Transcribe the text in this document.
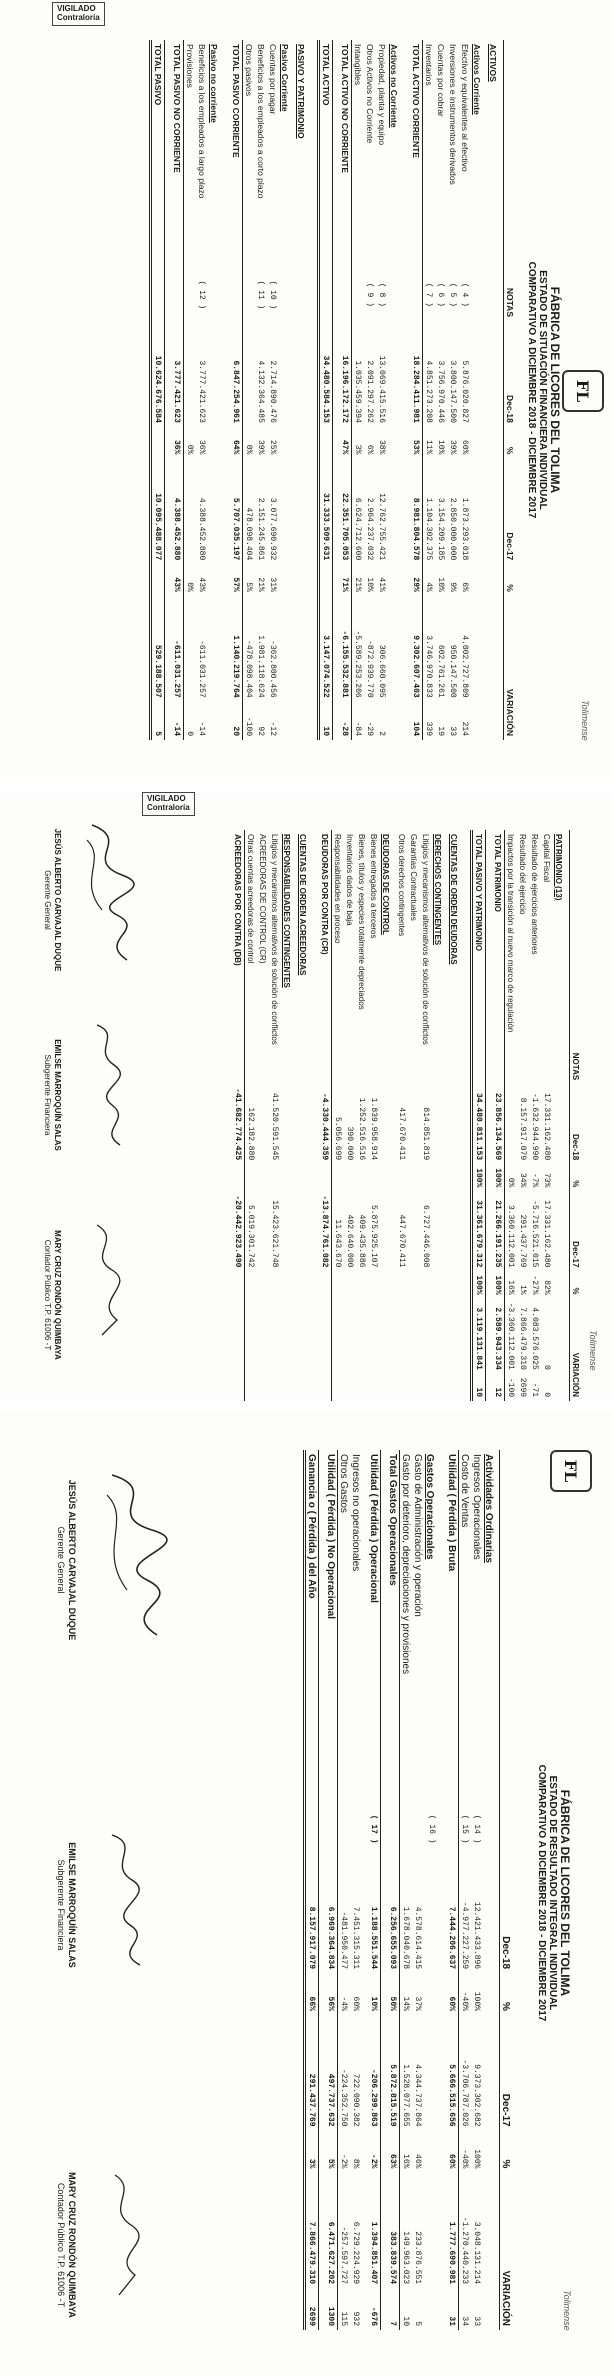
FL
Tolimense
FÁBRICA DE LICORES DEL TOLIMA
ESTADO DE SITUACIÓN FINANCIERA INDIVIDUAL
COMPARATIVO A DICIEMBRE 2018 - DICIEMBRE 2017
VIGILADO
Contraloría
	NOTAS	Dec-18	%	Dec-17	%	VARIACIÓN	
ACTIVOS							
Activos Corriente							
Efectivo y equivalentes al efectivo	( 4 )	5.876.020.827	60%	1.873.293.018	6%	4.002.727.809	214
Inversiones e instrumentos derivados	( 5 )	3.800.147.500	39%	2.850.000.000	9%	950.147.500	33
Cuentas por cobrar	( 6 )	3.756.970.446	10%	3.154.209.185	10%	602.761.261	19
Inventarios	( 7 )	4.851.273.208	11%	1.104.302.375	4%	3.746.970.833	339
TOTAL ACTIVO CORRIENTE		18.284.411.981	53%	8.981.804.578	29%	9.302.607.403	104

Activos no Corriente							
Propiedad, planta y equipo	( 8 )	13.069.415.516	38%	12.762.755.421	41%	306.660.095	2
Otros Activos no Corriente	( 9 )	2.091.297.262	6%	2.964.237.032	10%	-872.939.770	-29
Intangibles		1.035.459.394	3%	6.624.712.600	21%	-5.589.253.206	-84
TOTAL ACTIVO NO CORRIENTE		16.196.172.172	47%	22.351.705.053	71%	-6.155.532.881	-28

TOTAL ACTIVO		34.480.584.153		31.333.509.631		3.147.074.522	10

PASIVO Y PATRIMONIO							
Pasivo Corriente							
Cuentas por pagar	( 10 )	2.714.890.476	25%	3.077.690.932	31%	-362.800.456	-12
Beneficios a los empleados a corto plazo	( 11 )	4.132.364.485	39%	2.151.245.861	21%	1.981.118.624	92
Otros pasivos			0%	478.098.404	5%	-478.098.404	-100
TOTAL PASIVO CORRIENTE		6.847.254.961	64%	5.707.035.197	57%	1.140.219.764	20

Pasivo no corriente							
Beneficios a los empleados a largo plazo	( 12 )	3.777.421.623	36%	4.388.452.880	43%	-611.031.257	-14
Provisiones			0%		0%		0
TOTAL PASIVO NO CORRIENTE		3.777.421.623	36%	4.388.452.880	43%	-611.031.257	-14

TOTAL PASIVO		10.624.676.584		10.095.488.077		529.188.507	5
Tolimense
VIGILADO
Contraloría
	NOTAS	Dec-18	%	Dec-17	%	VARIACIÓN	
PATRIMONIO (13)							
Capital Fiscal		17.331.162.480	73%	17.331.162.480	82%	0	0
Resultado de ejercicios anteriores		-1.632.944.990	-7%	-5.716.521.015	-27%	4.083.576.025	-71
Resultado del ejercicio		8.157.917.079	34%	291.437.769	1%	7.866.479.310	2699
Impactos por la transición al nuevo marco de regulación			0%	3.360.112.001	16%	-3.360.112.001	-100
TOTAL PATRIMONIO		23.856.134.569	100%	21.266.191.235	100%	2.589.943.334	12

TOTAL PASIVO Y PATRIMONIO		34.480.811.153	100%	31.361.679.312	100%	3.119.131.841	10

CUENTAS DE ORDEN DEUDORAS							
DERECHOS CONTINGENTES							
Litigios y mecanismos alternativos de solución de conflictos		814.851.819		6.727.446.008			
Garantías Contractuales							
Otros derechos contingentes		417.670.411		447.670.411			
DEUDORAS DE CONTROL							
Bienes entregados a terceros		1.839.958.914		5.875.925.107			
Bienes, títulos y especies totalmente depreciados		1.252.516.516		409.435.886			
Inventarios dados de baja		390.000		402.640.000			
Responsabilidades en proceso		5.056.699		11.643.670			
DEUDORAS POR CONTRA (CR)		-4.330.444.359		-13.874.761.082			

CUENTAS DE ORDEN ACREEDORAS							
RESPONSABILIDADES CONTINGENTES							
Litigios y mecanismos alternativos de solución de conflictos		41.520.591.545		15.423.621.748			
ACREEDORAS DE CONTROL (CR)							
Otras cuentas acreedoras de control		162.182.880		5.019.301.742			
ACREEDORAS POR CONTRA (DB)		-41.682.774.425		-20.442.923.490			
JESÚS ALBERTO CARVAJAL DUQUE
Gerente General
EMILSE MARROQUÍN SALAS
Subgerente Financiera
MARY CRUZ RONDÓN QUIMBAYA
Contador Público T.P. 61006 -T
FL
Tolimense
FÁBRICA DE LICORES DEL TOLIMA
ESTADO DE RESULTADO INTEGRAL INDIVIDUAL
COMPARATIVO A DICIEMBRE 2018 - DICIEMBRE 2017
		Dec-18	%	Dec-17	%	VARIACIÓN	
Actividades Ordinarias							
Ingresos Operacionales	( 14 )	12.421.433.896	100%	9.373.302.682	100%	3.048.131.214	33
Costo de Ventas	( 15 )	-4.977.227.259	-40%	-3.706.787.026	-40%	-1.270.440.233	34
Utilidad ( Pérdida ) Bruta		7.444.206.637	60%	5.666.515.656	60%	1.777.690.981	31

Gastos Operacionales	( 16 )						
Gasto de Administración y operación		4.578.614.415	37%	4.344.737.864	46%	233.876.551	5
Gasto por deterioro, depreciaciones y provisiones		1.678.040.678	14%	1.528.077.655	16%	149.963.023	10
Total Gastos Operacionales		6.256.655.093	50%	5.872.815.519	63%	383.839.574	7

Utilidad ( Pérdida ) Operacional	( 17 )	1.188.551.544	10%	-206.299.863	-2%	1.394.851.407	-676

Ingresos no operacionales		7.451.315.311	60%	722.090.382	8%	6.729.224.929	932
Otros Gastos		-481.950.477	-4%	-224.352.750	-2%	-257.597.727	115
Utilidad ( Pérdida ) No Operacional		6.969.364.834	56%	497.737.632	5%	6.471.627.202	1300

Ganancia o ( Pérdida ) del Año		8.157.917.079	66%	291.437.769	3%	7.866.479.310	2699
JESÚS ALBERTO CARVAJAL DUQUE
Gerente General
EMILSE MARROQUÍN SALAS
Subgerente Financiera
MARY CRUZ RONDÓN QUIMBAYA
Contador Público T.P. 61006 -T
